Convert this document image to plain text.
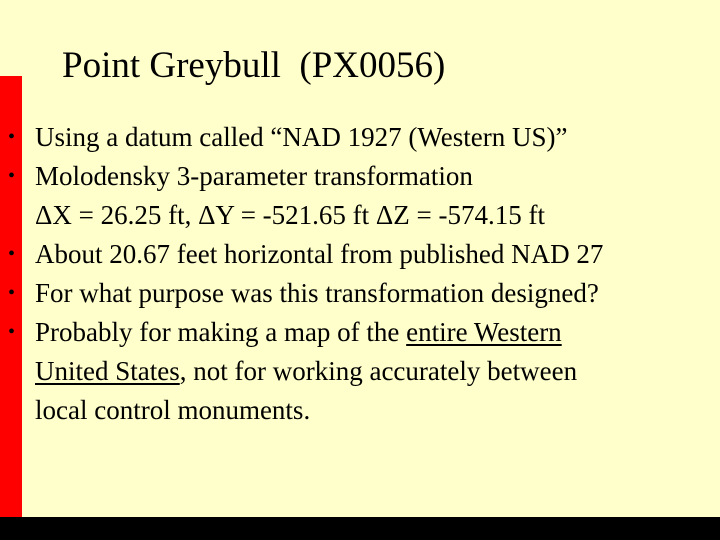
Point Greybull  (PX0056)
• Using a datum called “NAD 1927 (Western US)”
• Molodensky 3-parameter transformation
ΔX = 26.25 ft, ΔY = -521.65 ft ΔZ = -574.15 ft
• About 20.67 feet horizontal from published NAD 27
• For what purpose was this transformation designed?
• Probably for making a map of the entire Western
United States, not for working accurately between
local control monuments.
